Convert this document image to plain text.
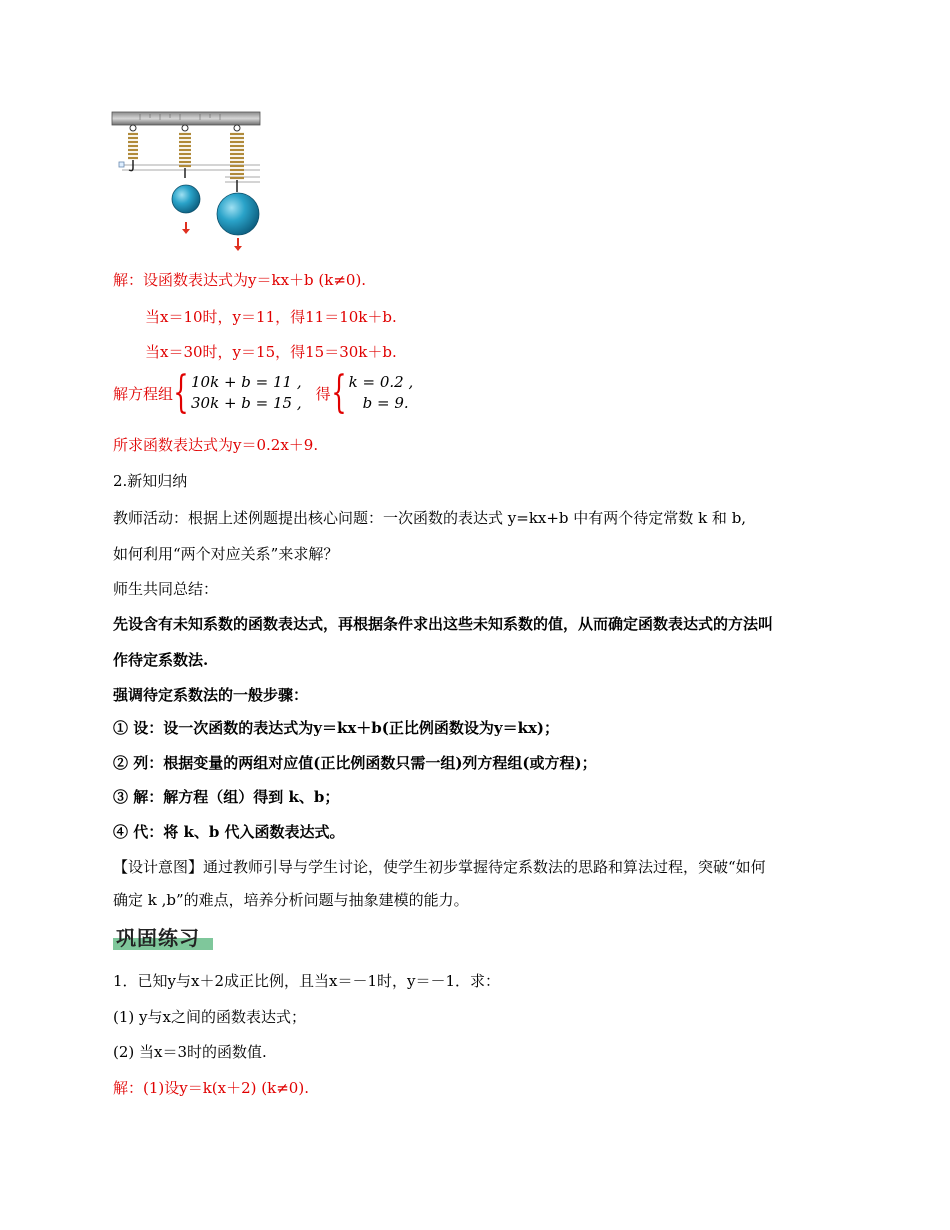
解：设函数表达式为y＝kx＋b (k≠0).
当x＝10时，y＝11，得11＝10k＋b.
当x＝30时，y＝15，得15＝30k＋b.
解方程组 { 10k + b = 11 ,
30k + b = 15 ,
得 { k = 0.2 ,
b = 9.
所求函数表达式为y＝0.2x＋9.
2.新知归纳
教师活动：根据上述例题提出核心问题：一次函数的表达式 y=kx+b 中有两个待定常数 k 和 b,
如何利用“两个对应关系”来求解？
师生共同总结：
先设含有未知系数的函数表达式，再根据条件求出这些未知系数的值，从而确定函数表达式的方法叫
作待定系数法.
强调待定系数法的一般步骤：
① 设：设一次函数的表达式为y＝kx＋b(正比例函数设为y＝kx)；
② 列：根据变量的两组对应值(正比例函数只需一组)列方程组(或方程)；
③ 解：解方程（组）得到 k、b；
④ 代：将 k、b 代入函数表达式。
【设计意图】通过教师引导与学生讨论，使学生初步掌握待定系数法的思路和算法过程，突破“如何
确定 k ,b”的难点，培养分析问题与抽象建模的能力。
巩固练习
1．已知y与x＋2成正比例，且当x＝－1时，y＝－1．求：
(1) y与x之间的函数表达式；
(2) 当x＝3时的函数值.
解：(1)设y＝k(x＋2) (k≠0).
